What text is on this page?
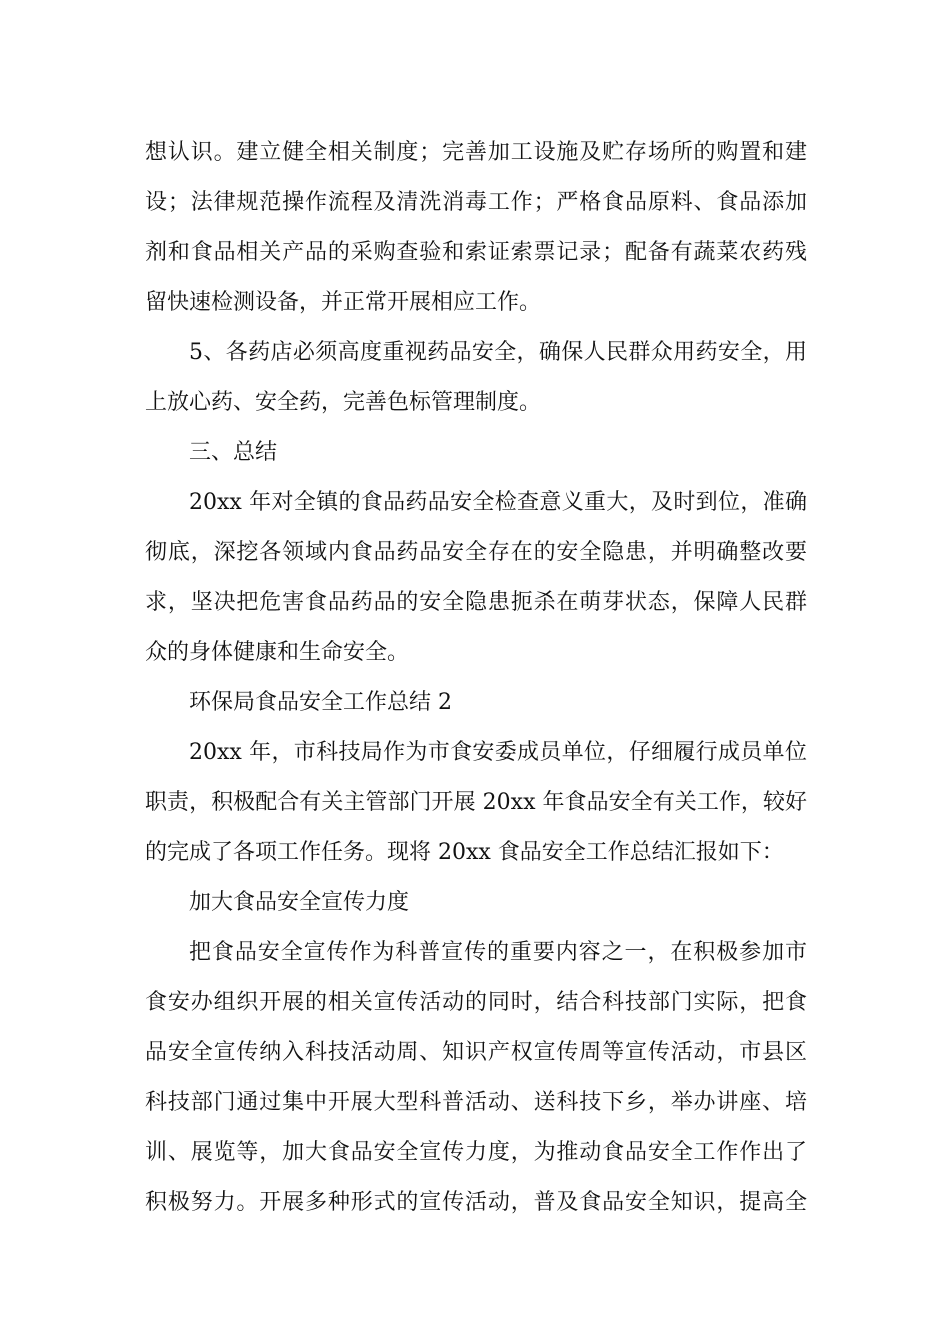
想认识。建立健全相关制度；完善加工设施及贮存场所的购置和建
设；法律规范操作流程及清洗消毒工作；严格食品原料、食品添加
剂和食品相关产品的采购查验和索证索票记录；配备有蔬菜农药残
留快速检测设备，并正常开展相应工作。
5、各药店必须高度重视药品安全，确保人民群众用药安全，用
上放心药、安全药，完善色标管理制度。
三、总结
20xx 年对全镇的食品药品安全检查意义重大，及时到位，准确
彻底，深挖各领域内食品药品安全存在的安全隐患，并明确整改要
求，坚决把危害食品药品的安全隐患扼杀在萌芽状态，保障人民群
众的身体健康和生命安全。
环保局食品安全工作总结 2
20xx 年，市科技局作为市食安委成员单位，仔细履行成员单位
职责，积极配合有关主管部门开展 20xx 年食品安全有关工作，较好
的完成了各项工作任务。现将 20xx 食品安全工作总结汇报如下：
加大食品安全宣传力度
把食品安全宣传作为科普宣传的重要内容之一，在积极参加市
食安办组织开展的相关宣传活动的同时，结合科技部门实际，把食
品安全宣传纳入科技活动周、知识产权宣传周等宣传活动，市县区
科技部门通过集中开展大型科普活动、送科技下乡，举办讲座、培
训、展览等，加大食品安全宣传力度，为推动食品安全工作作出了
积极努力。开展多种形式的宣传活动，普及食品安全知识，提高全
